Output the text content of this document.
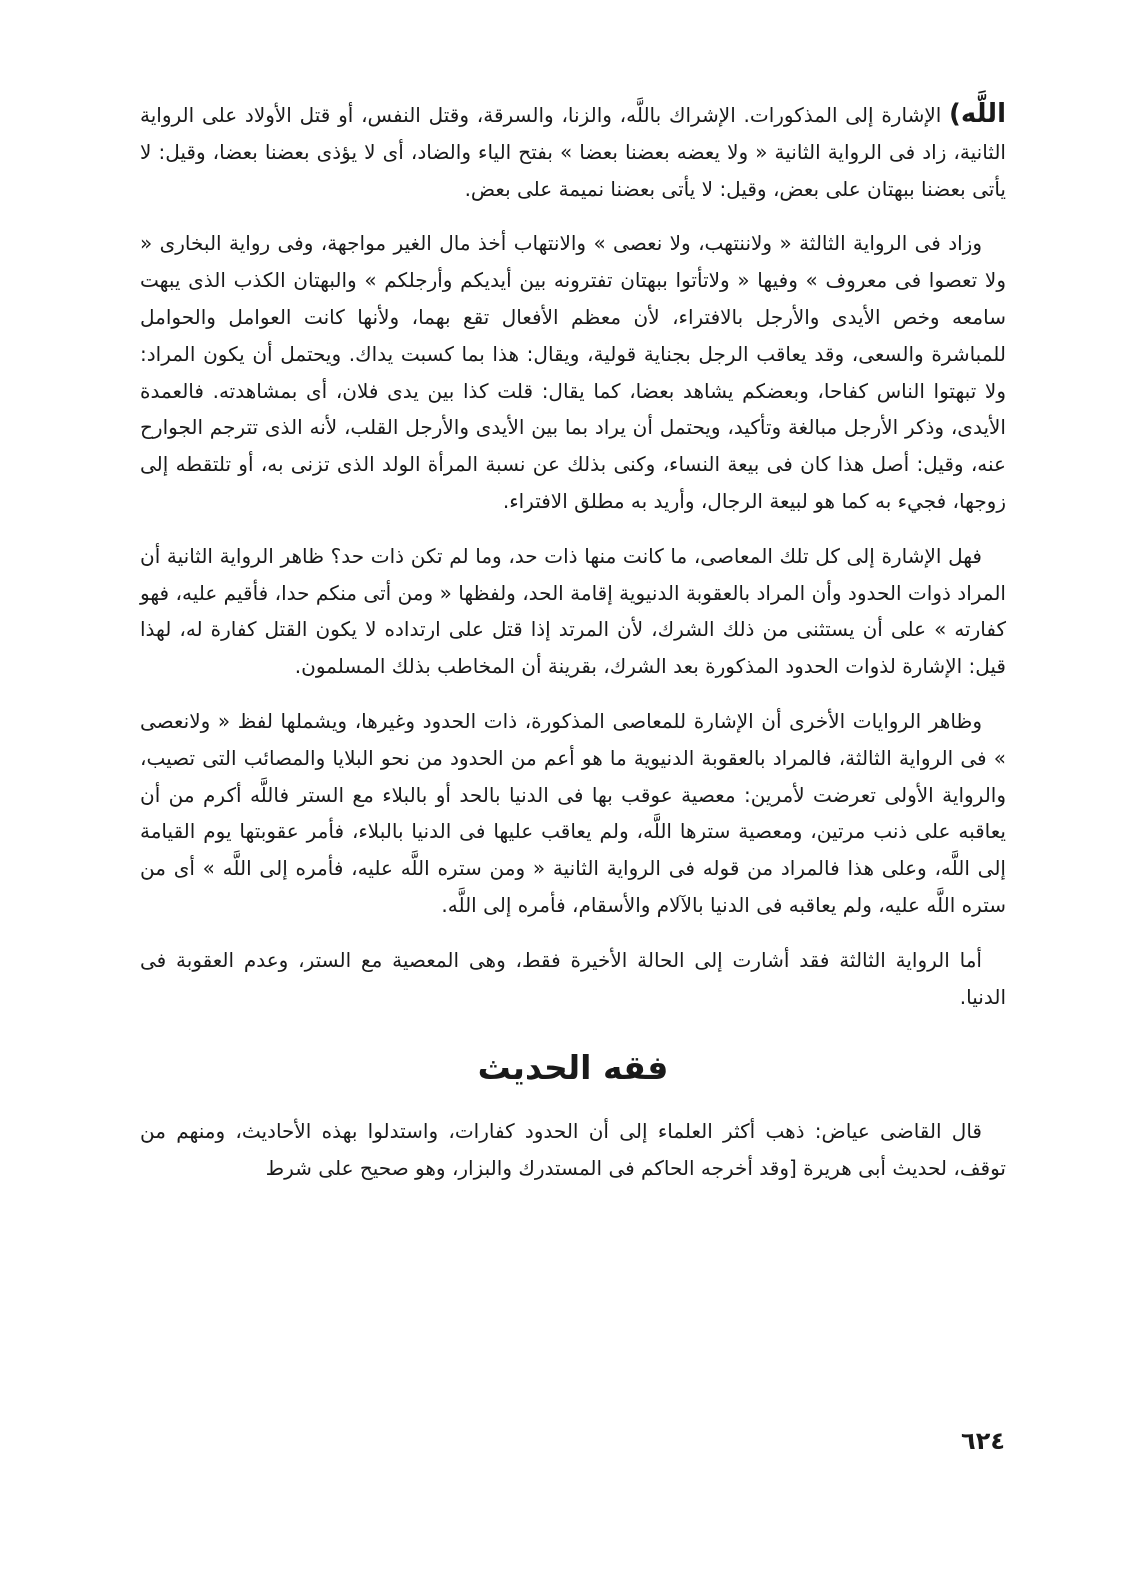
اللَّه) الإشارة إلى المذكورات. الإشراك باللَّه، والزنا، والسرقة، وقتل النفس، أو قتل الأولاد على الرواية الثانية، زاد فى الرواية الثانية « ولا يعضه بعضنا بعضا » بفتح الياء والضاد، أى لا يؤذى بعضنا بعضا، وقيل: لا يأتى بعضنا ببهتان على بعض، وقيل: لا يأتى بعضنا نميمة على بعض.

وزاد فى الرواية الثالثة « ولاننتهب، ولا نعصى » والانتهاب أخذ مال الغير مواجهة، وفى رواية البخارى « ولا تعصوا فى معروف » وفيها « ولاتأتوا ببهتان تفترونه بين أيديكم وأرجلكم » والبهتان الكذب الذى يبهت سامعه وخص الأيدى والأرجل بالافتراء، لأن معظم الأفعال تقع بهما، ولأنها كانت العوامل والحوامل للمباشرة والسعى، وقد يعاقب الرجل بجناية قولية، ويقال: هذا بما كسبت يداك. ويحتمل أن يكون المراد: ولا تبهتوا الناس كفاحا، وبعضكم يشاهد بعضا، كما يقال: قلت كذا بين يدى فلان، أى بمشاهدته. فالعمدة الأيدى، وذكر الأرجل مبالغة وتأكيد، ويحتمل أن يراد بما بين الأيدى والأرجل القلب، لأنه الذى تترجم الجوارح عنه، وقيل: أصل هذا كان فى بيعة النساء، وكنى بذلك عن نسبة المرأة الولد الذى تزنى به، أو تلتقطه إلى زوجها، فجيء به كما هو لبيعة الرجال، وأريد به مطلق الافتراء.

فهل الإشارة إلى كل تلك المعاصى، ما كانت منها ذات حد، وما لم تكن ذات حد؟ ظاهر الرواية الثانية أن المراد ذوات الحدود وأن المراد بالعقوبة الدنيوية إقامة الحد، ولفظها « ومن أتى منكم حدا، فأقيم عليه، فهو كفارته » على أن يستثنى من ذلك الشرك، لأن المرتد إذا قتل على ارتداده لا يكون القتل كفارة له، لهذا قيل: الإشارة لذوات الحدود المذكورة بعد الشرك، بقرينة أن المخاطب بذلك المسلمون.

وظاهر الروايات الأخرى أن الإشارة للمعاصى المذكورة، ذات الحدود وغيرها، ويشملها لفظ « ولانعصى » فى الرواية الثالثة، فالمراد بالعقوبة الدنيوية ما هو أعم من الحدود من نحو البلايا والمصائب التى تصيب، والرواية الأولى تعرضت لأمرين: معصية عوقب بها فى الدنيا بالحد أو بالبلاء مع الستر فاللَّه أكرم من أن يعاقبه على ذنب مرتين، ومعصية سترها اللَّه، ولم يعاقب عليها فى الدنيا بالبلاء، فأمر عقوبتها يوم القيامة إلى اللَّه، وعلى هذا فالمراد من قوله فى الرواية الثانية « ومن ستره اللَّه عليه، فأمره إلى اللَّه » أى من ستره اللَّه عليه، ولم يعاقبه فى الدنيا بالآلام والأسقام، فأمره إلى اللَّه.

أما الرواية الثالثة فقد أشارت إلى الحالة الأخيرة فقط، وهى المعصية مع الستر، وعدم العقوبة فى الدنيا.

فقه الحديث

قال القاضى عياض: ذهب أكثر العلماء إلى أن الحدود كفارات، واستدلوا بهذه الأحاديث، ومنهم من توقف، لحديث أبى هريرة [وقد أخرجه الحاكم فى المستدرك والبزار، وهو صحيح على شرط

٦٢٤
